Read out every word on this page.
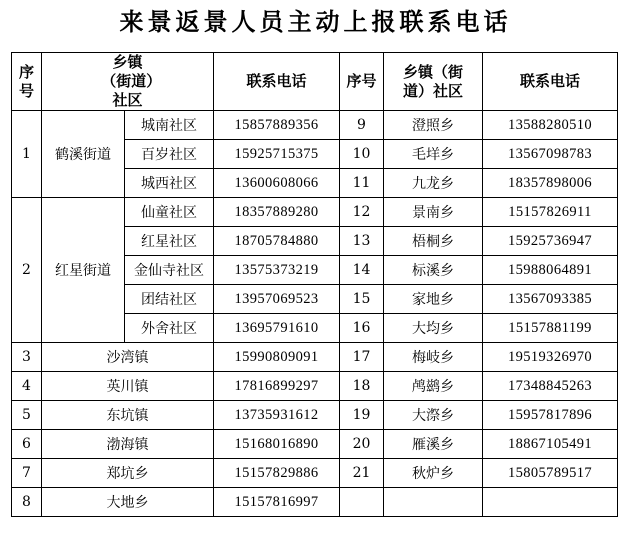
来景返景人员主动上报联系电话
序号	乡镇（街道）社区		联系电话	序号	乡镇（街道）社区	联系电话
1	鹤溪街道	城南社区	15857889356	9	澄照乡	13588280510
		百岁社区	15925715375	10	毛垟乡	13567098783
		城西社区	13600608066	11	九龙乡	18357898006
2	红星街道	仙童社区	18357889280	12	景南乡	15157826911
		红星社区	18705784880	13	梧桐乡	15925736947
		金仙寺社区	13575373219	14	标溪乡	15988064891
		团结社区	13957069523	15	家地乡	13567093385
		外舍社区	13695791610	16	大均乡	15157881199
3	沙湾镇		15990809091	17	梅岐乡	19519326970
4	英川镇		17816899297	18	鸬鹚乡	17348845263
5	东坑镇		13735931612	19	大漈乡	15957817896
6	渤海镇		15168016890	20	雁溪乡	18867105491
7	郑坑乡		15157829886	21	秋炉乡	15805789517
8	大地乡		15157816997			
